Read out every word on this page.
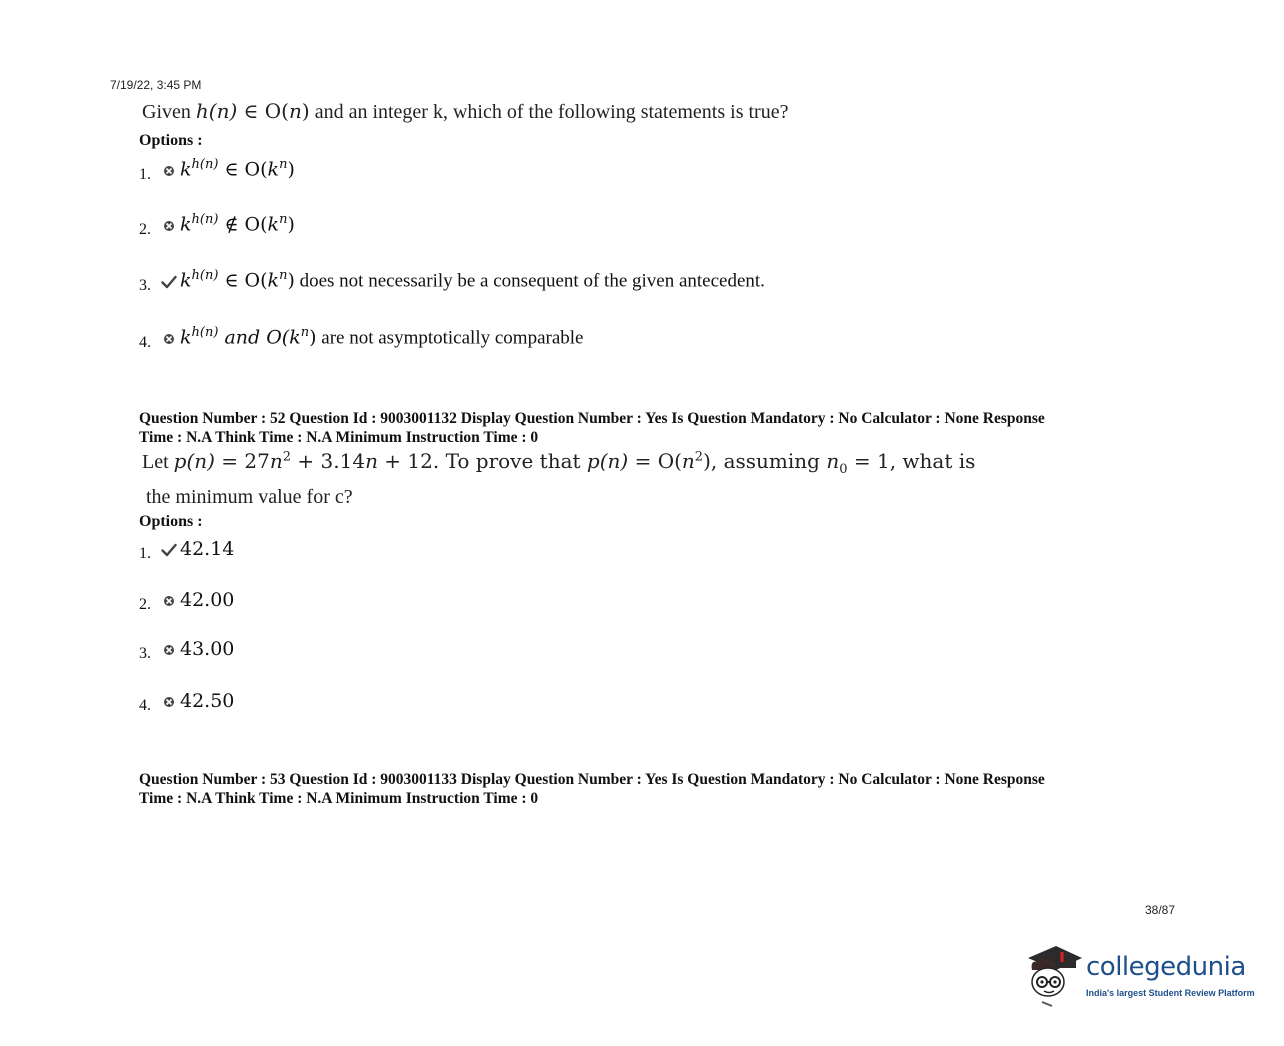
7/19/22, 3:45 PM
Given h(n) ∈ O(n) and an integer k, which of the following statements is true?
Options :
1.	$k^{h(n)}$ ∈ $O(k^n)$
2.	$k^{h(n)}$ ∉ $O(k^n)$
3.	$k^{h(n)}$ ∈ $O(k^n)$ does not necessarily be a consequent of the given antecedent.
4.	$k^{h(n)}$ and $O(k^n)$ are not asymptotically comparable
Question Number : 52 Question Id : 9003001132 Display Question Number : Yes Is Question Mandatory : No Calculator : None Response
Time : N.A Think Time : N.A Minimum Instruction Time : 0
Let $p(n) = 27n^2 + 3.14n + 12$. To prove that $p(n) = O(n^2)$, assuming $n_0 = 1$, what is
the minimum value for c?
Options :
1.	42.14
2.	42.00
3.	43.00
4.	42.50
Question Number : 53 Question Id : 9003001133 Display Question Number : Yes Is Question Mandatory : No Calculator : None Response
Time : N.A Think Time : N.A Minimum Instruction Time : 0
38/87
collegedunia
India's largest Student Review Platform
